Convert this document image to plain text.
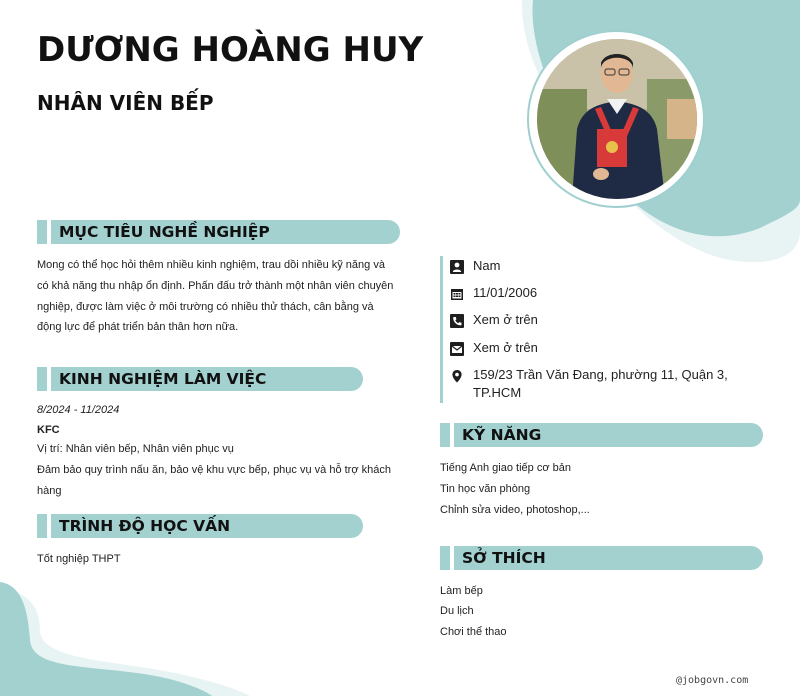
DƯƠNG HOÀNG HUY
NHÂN VIÊN BẾP
MỤC TIÊU NGHỀ NGHIỆP
Mong có thể học hỏi thêm nhiều kinh nghiệm, trau dồi nhiều kỹ năng và
có khả năng thu nhập ổn định. Phấn đấu trở thành một nhân viên chuyên
nghiệp, được làm việc ở môi trường có nhiều thử thách, cân bằng và
động lực để phát triển bản thân hơn nữa.
KINH NGHIỆM LÀM VIỆC
8/2024 - 11/2024
KFC
Vị trí: Nhân viên bếp, Nhân viên phục vụ
Đảm bảo quy trình nấu ăn, bảo vệ khu vực bếp, phục vụ và hỗ trợ khách
hàng
TRÌNH ĐỘ HỌC VẤN
Tốt nghiệp THPT
Nam
11/01/2006
Xem ở trên
Xem ở trên
159/23 Trần Văn Đang, phường 11, Quận 3,
TP.HCM
KỸ NĂNG
Tiếng Anh giao tiếp cơ bản
Tin học văn phòng
Chỉnh sửa video, photoshop,...
SỞ THÍCH
Làm bếp
Du lịch
Chơi thể thao
@jobgovn.com
